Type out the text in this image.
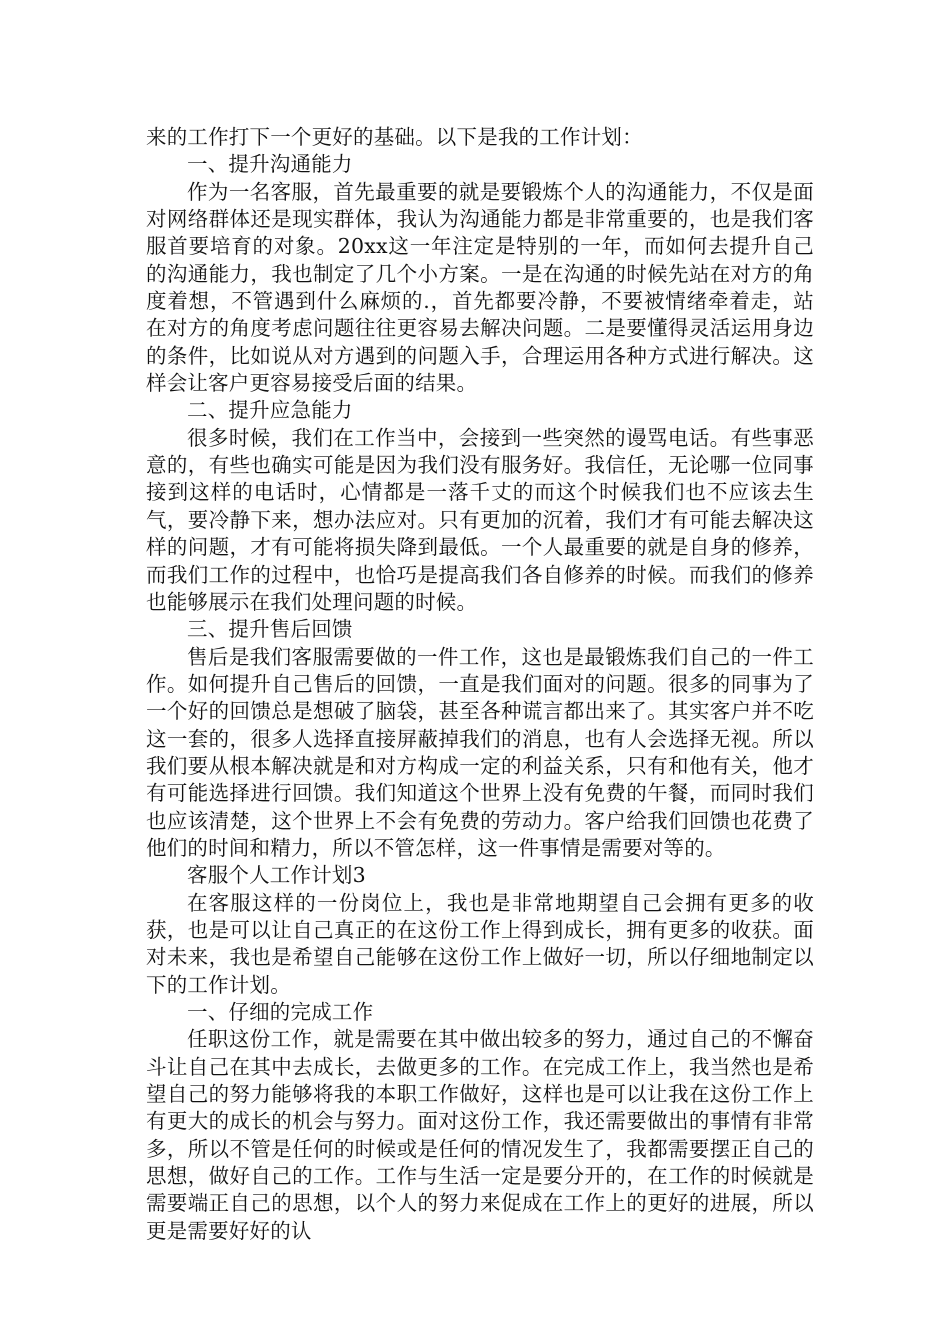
来的工作打下一个更好的基础。以下是我的工作计划：

一、提升沟通能力

作为一名客服，首先最重要的就是要锻炼个人的沟通能力，不仅是面对网络群体还是现实群体，我认为沟通能力都是非常重要的，也是我们客服首要培育的对象。20xx这一年注定是特别的一年，而如何去提升自己的沟通能力，我也制定了几个小方案。一是在沟通的时候先站在对方的角度着想，不管遇到什么麻烦的.，首先都要冷静，不要被情绪牵着走，站在对方的角度考虑问题往往更容易去解决问题。二是要懂得灵活运用身边的条件，比如说从对方遇到的问题入手，合理运用各种方式进行解决。这样会让客户更容易接受后面的结果。

二、提升应急能力

很多时候，我们在工作当中，会接到一些突然的谩骂电话。有些事恶意的，有些也确实可能是因为我们没有服务好。我信任，无论哪一位同事接到这样的电话时，心情都是一落千丈的而这个时候我们也不应该去生气，要冷静下来，想办法应对。只有更加的沉着，我们才有可能去解决这样的问题，才有可能将损失降到最低。一个人最重要的就是自身的修养，而我们工作的过程中，也恰巧是提高我们各自修养的时候。而我们的修养也能够展示在我们处理问题的时候。

三、提升售后回馈

售后是我们客服需要做的一件工作，这也是最锻炼我们自己的一件工作。如何提升自己售后的回馈，一直是我们面对的问题。很多的同事为了一个好的回馈总是想破了脑袋，甚至各种谎言都出来了。其实客户并不吃这一套的，很多人选择直接屏蔽掉我们的消息，也有人会选择无视。所以我们要从根本解决就是和对方构成一定的利益关系，只有和他有关，他才有可能选择进行回馈。我们知道这个世界上没有免费的午餐，而同时我们也应该清楚，这个世界上不会有免费的劳动力。客户给我们回馈也花费了他们的时间和精力，所以不管怎样，这一件事情是需要对等的。

客服个人工作计划3

在客服这样的一份岗位上，我也是非常地期望自己会拥有更多的收获，也是可以让自己真正的在这份工作上得到成长，拥有更多的收获。面对未来，我也是希望自己能够在这份工作上做好一切，所以仔细地制定以下的工作计划。

一、仔细的完成工作

任职这份工作，就是需要在其中做出较多的努力，通过自己的不懈奋斗让自己在其中去成长，去做更多的工作。在完成工作上，我当然也是希望自己的努力能够将我的本职工作做好，这样也是可以让我在这份工作上有更大的成长的机会与努力。面对这份工作，我还需要做出的事情有非常多，所以不管是任何的时候或是任何的情况发生了，我都需要摆正自己的思想，做好自己的工作。工作与生活一定是要分开的，在工作的时候就是需要端正自己的思想，以个人的努力来促成在工作上的更好的进展，所以更是需要好好的认
